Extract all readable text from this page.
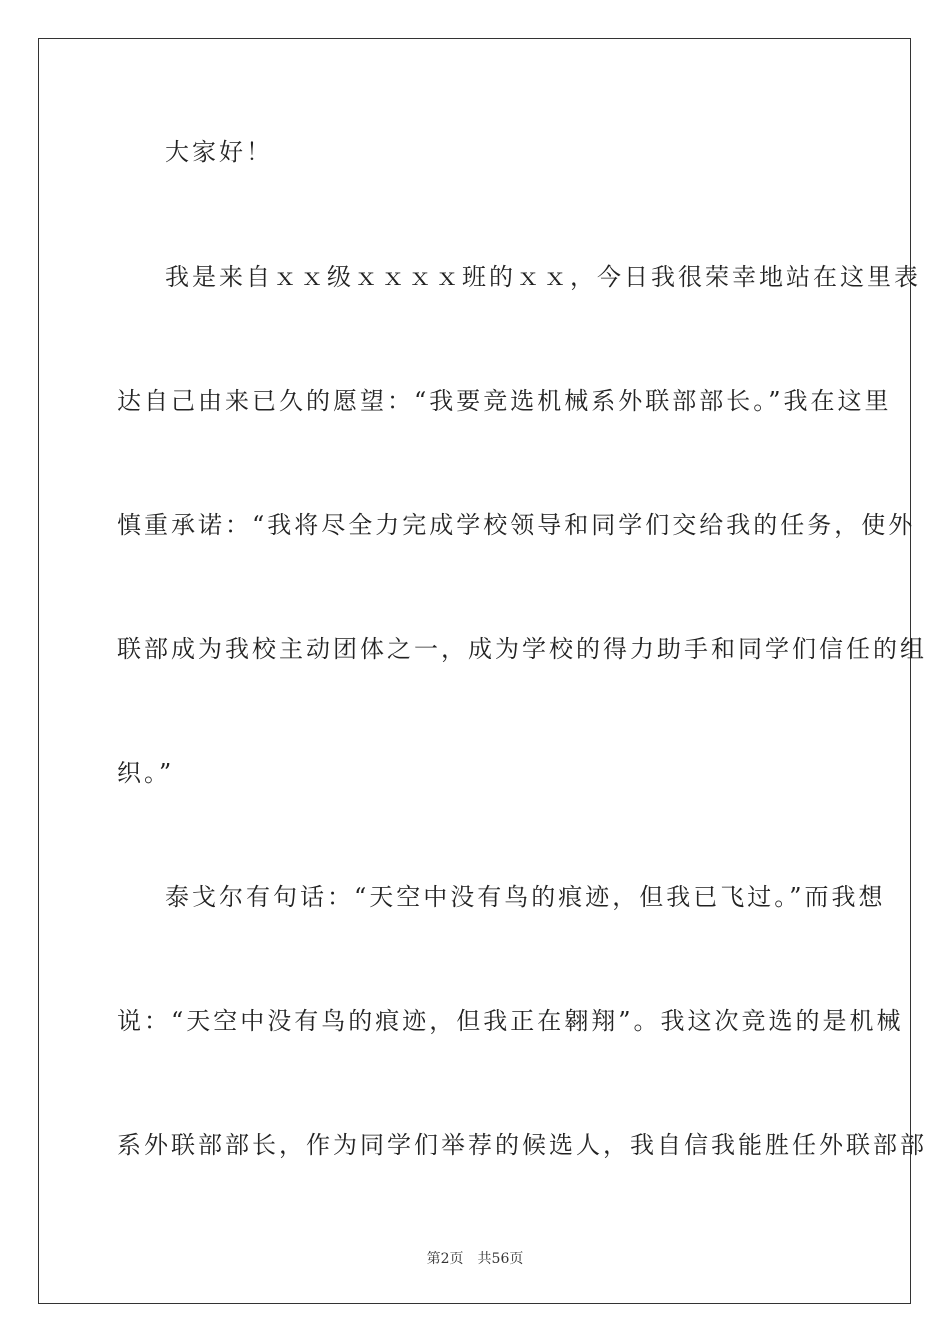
大家好！
我是来自ｘｘ级ｘｘｘｘ班的ｘｘ，今日我很荣幸地站在这里表
达自己由来已久的愿望：“我要竞选机械系外联部部长。”我在这里
慎重承诺：“我将尽全力完成学校领导和同学们交给我的任务，使外
联部成为我校主动团体之一，成为学校的得力助手和同学们信任的组
织。”
泰戈尔有句话：“天空中没有鸟的痕迹，但我已飞过。”而我想
说：“天空中没有鸟的痕迹，但我正在翱翔”。我这次竞选的是机械
系外联部部长，作为同学们举荐的候选人，我自信我能胜任外联部部
第2页 共56页
